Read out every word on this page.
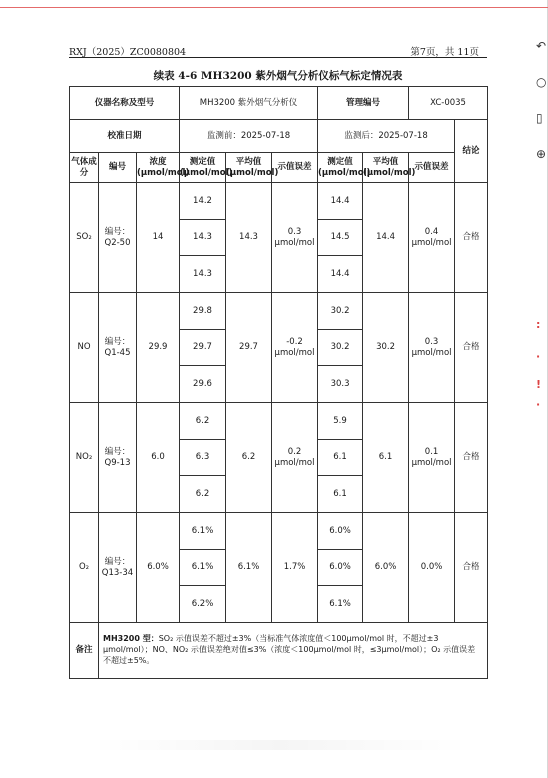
RXJ（2025）ZC0080804	第7页，共 11页
续表 4-6 MH3200 紫外烟气分析仪标气标定情况表
仪器名称及型号			MH3200 紫外烟气分析仪			管理编号		XC-0035	
校准日期			监测前：2025-07-18			监测后：2025-07-18			结论
气体成分	编号	浓度(μmol/mol)	测定值(μmol/mol)	平均值(μmol/mol)	示值误差	测定值(μmol/mol)	平均值(μmol/mol)	示值误差	
SO₂	编号：Q2-50	14	14.2	14.3	0.3 μmol/mol	14.4	14.4	0.4 μmol/mol	合格
			14.3			14.5			
			14.3			14.4			
NO	编号：Q1-45	29.9	29.8	29.7	-0.2 μmol/mol	30.2	30.2	0.3 μmol/mol	合格
			29.7			30.2			
			29.6			30.3			
NO₂	编号：Q9-13	6.0	6.2	6.2	0.2 μmol/mol	5.9	6.1	0.1 μmol/mol	合格
			6.3			6.1			
			6.2			6.1			
O₂	编号：Q13-34	6.0%	6.1%	6.1%	1.7%	6.0%	6.0%	0.0%	合格
			6.1%			6.0%			
			6.2%			6.1%			
备注	MH3200 型：SO₂ 示值误差不超过±3%（当标准气体浓度值＜100μmol/mol 时，不超过±3 μmol/mol）；NO、NO₂ 示值误差绝对值≤3%（浓度＜100μmol/mol 时，≤3μmol/mol）；O₂ 示值误差不超过±5%。								
↶
○
▯
⊕
:
·
!
·
